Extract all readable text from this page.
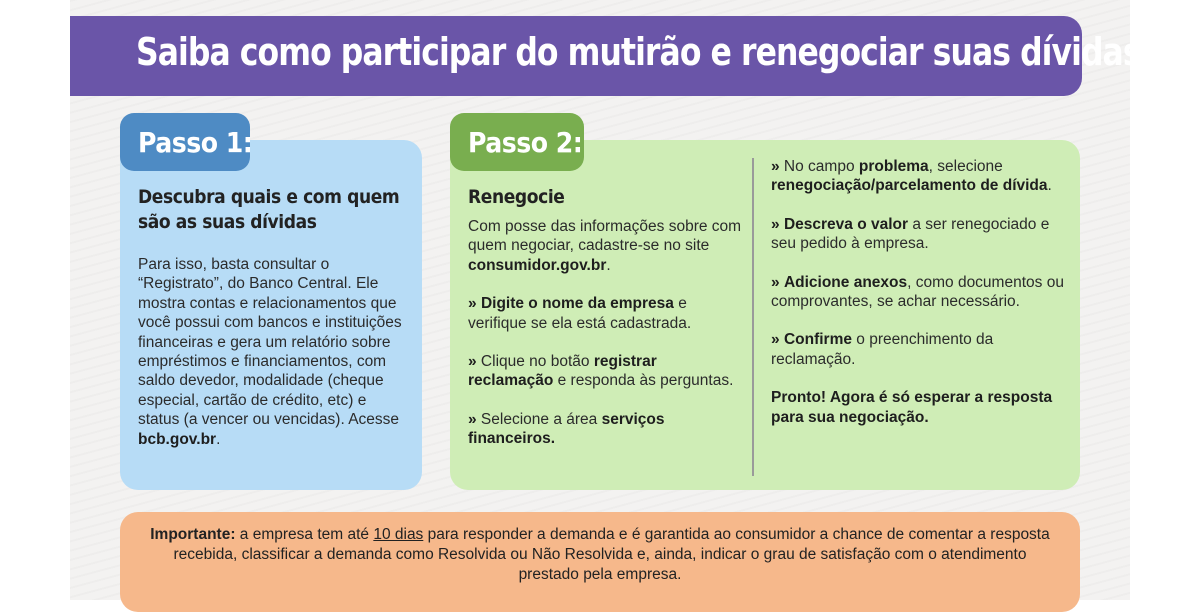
Saiba como participar do mutirão e renegociar suas dívidas
Passo 1:
Descubra quais e com quem são as suas dívidas
Para isso, basta consultar o “Registrato”, do Banco Central. Ele mostra contas e relacionamentos que você possui com bancos e instituições financeiras e gera um relatório sobre empréstimos e financiamentos, com saldo devedor, modalidade (cheque especial, cartão de crédito, etc) e status (a vencer ou vencidas). Acesse bcb.gov.br.
Passo 2:
Renegocie

Com posse das informações sobre com quem negociar, cadastre-se no site consumidor.gov.br.

» Digite o nome da empresa e verifique se ela está cadastrada.

» Clique no botão registrar reclamação e responda às perguntas.

» Selecione a área serviços financeiros.

» No campo problema, selecione renegociação/parcelamento de dívida.

» Descreva o valor a ser renegociado e seu pedido à empresa.

» Adicione anexos, como documentos ou comprovantes, se achar necessário.

» Confirme o preenchimento da reclamação.

Pronto! Agora é só esperar a resposta para sua negociação.

Importante: a empresa tem até 10 dias para responder a demanda e é garantida ao consumidor a chance de comentar a resposta recebida, classificar a demanda como Resolvida ou Não Resolvida e, ainda, indicar o grau de satisfação com o atendimento prestado pela empresa.
